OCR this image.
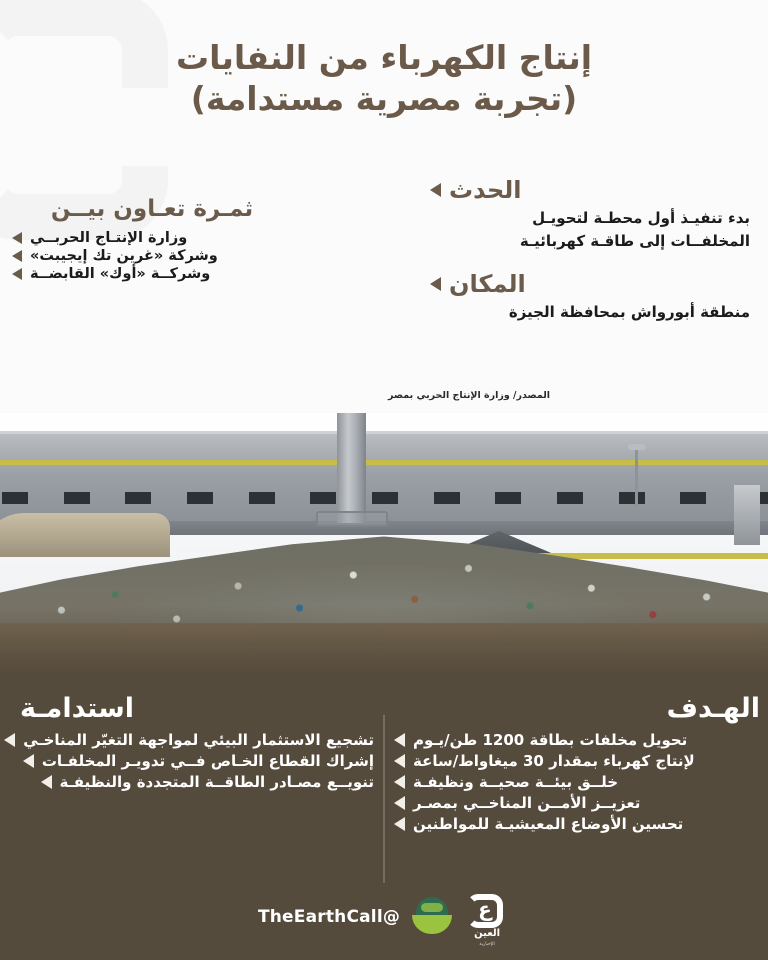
إنتاج الكهرباء من النفايات
(تجربة مصرية مستدامة)
الحدث
بدء تنفيـذ أول محطـة لتحويـل
المخلفــات إلى طاقـة كهربائيـة
المكان
منطقة أبورواش بمحافظة الجيزة
ثمـرة تعـاون بيــن
وزارة الإنتـاج الحربــي
وشركة «غرين تك إيجيبت»
وشركــة «أوك» القابضــة
المصدر/ وزارة الإنتاج الحربي بمصر
الهـدف
تحويل مخلفات بطاقة 1200 طن/يـوم
لإنتاج كهرباء بمقدار 30 ميغاواط/ساعة
خلــق بيئــة صحيــة ونظيفـة
تعزيــز الأمــن المناخــي بمصـر
تحسين الأوضاع المعيشيـة للمواطنين
استدامـة
تشجيع الاستثمار البيئي لمواجهة التغيّر المناخـي
إشراك القطاع الخـاص فــي تدويـر المخلفـات
تنويــع مصـادر الطاقــة المتجددة والنظيفـة
ع
العين
الإخبارية
@TheEarthCall
